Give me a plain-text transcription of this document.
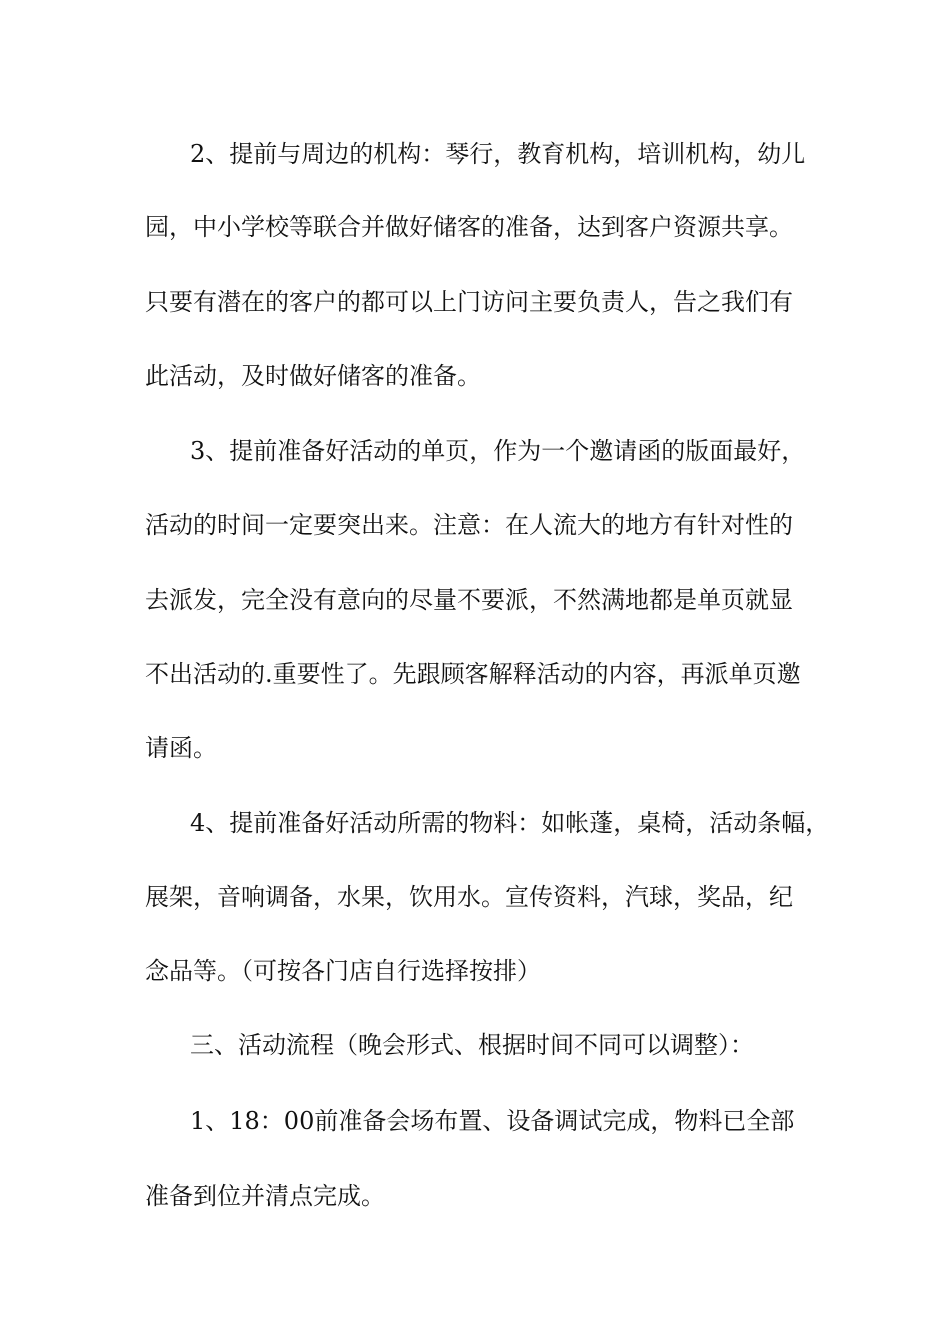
2、提前与周边的机构：琴行，教育机构，培训机构，幼儿
园，中小学校等联合并做好储客的准备，达到客户资源共享。
只要有潜在的客户的都可以上门访问主要负责人，告之我们有
此活动，及时做好储客的准备。
3、提前准备好活动的单页，作为一个邀请函的版面最好，
活动的时间一定要突出来。注意：在人流大的地方有针对性的
去派发，完全没有意向的尽量不要派，不然满地都是单页就显
不出活动的.重要性了。先跟顾客解释活动的内容，再派单页邀
请函。
4、提前准备好活动所需的物料：如帐蓬，桌椅，活动条幅，
展架，音响调备，水果，饮用水。宣传资料，汽球，奖品，纪
念品等。（可按各门店自行选择按排）
三、活动流程（晚会形式、根据时间不同可以调整）：
1、18：00前准备会场布置、设备调试完成，物料已全部
准备到位并清点完成。
